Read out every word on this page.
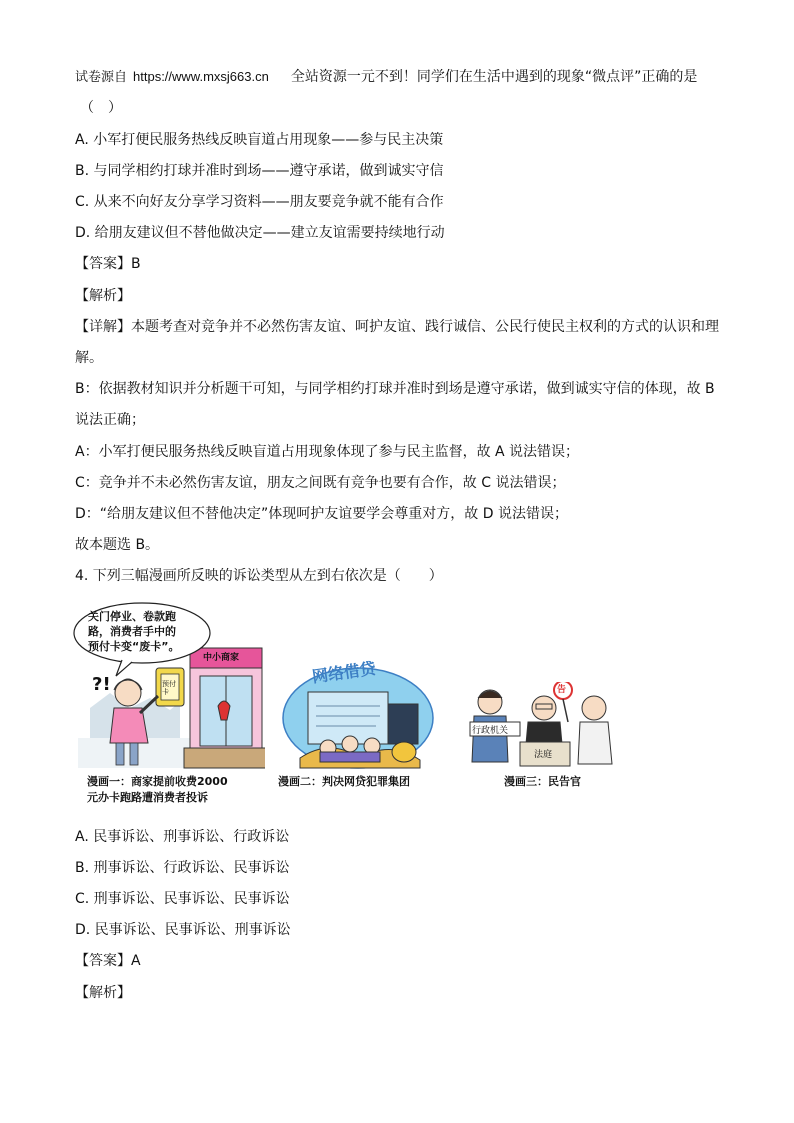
试卷源自 https://www.mxsj663.cn 全站资源一元不到！同学们在生活中遇到的现象“微点评”正确的是
（　）
A. 小军打便民服务热线反映盲道占用现象——参与民主决策
B. 与同学相约打球并准时到场——遵守承诺，做到诚实守信
C. 从来不向好友分享学习资料——朋友要竞争就不能有合作
D. 给朋友建议但不替他做决定——建立友谊需要持续地行动
【答案】B
【解析】
【详解】本题考查对竞争并不必然伤害友谊、呵护友谊、践行诚信、公民行使民主权利的方式的认识和理
解。
B：依据教材知识并分析题干可知，与同学相约打球并准时到场是遵守承诺，做到诚实守信的体现，故 B
说法正确；
A：小军打便民服务热线反映盲道占用现象体现了参与民主监督，故 A 说法错误；
C：竞争并不未必然伤害友谊，朋友之间既有竞争也要有合作，故 C 说法错误；
D：“给朋友建议但不替他决定”体现呵护友谊要学会尊重对方，故 D 说法错误；
故本题选 B。
4. 下列三幅漫画所反映的诉讼类型从左到右依次是（　　）
?!
关门停业、卷款跑
路，消费者手中的
预付卡变“废卡”。
中小商家
预付卡
漫画一：商家提前收费2000
元办卡跑路遭消费者投诉
网络借贷
漫画二：判决网贷犯罪集团
告
行政机关
法庭
漫画三：民告官
A. 民事诉讼、刑事诉讼、行政诉讼
B. 刑事诉讼、行政诉讼、民事诉讼
C. 刑事诉讼、民事诉讼、民事诉讼
D. 民事诉讼、民事诉讼、刑事诉讼
【答案】A
【解析】
